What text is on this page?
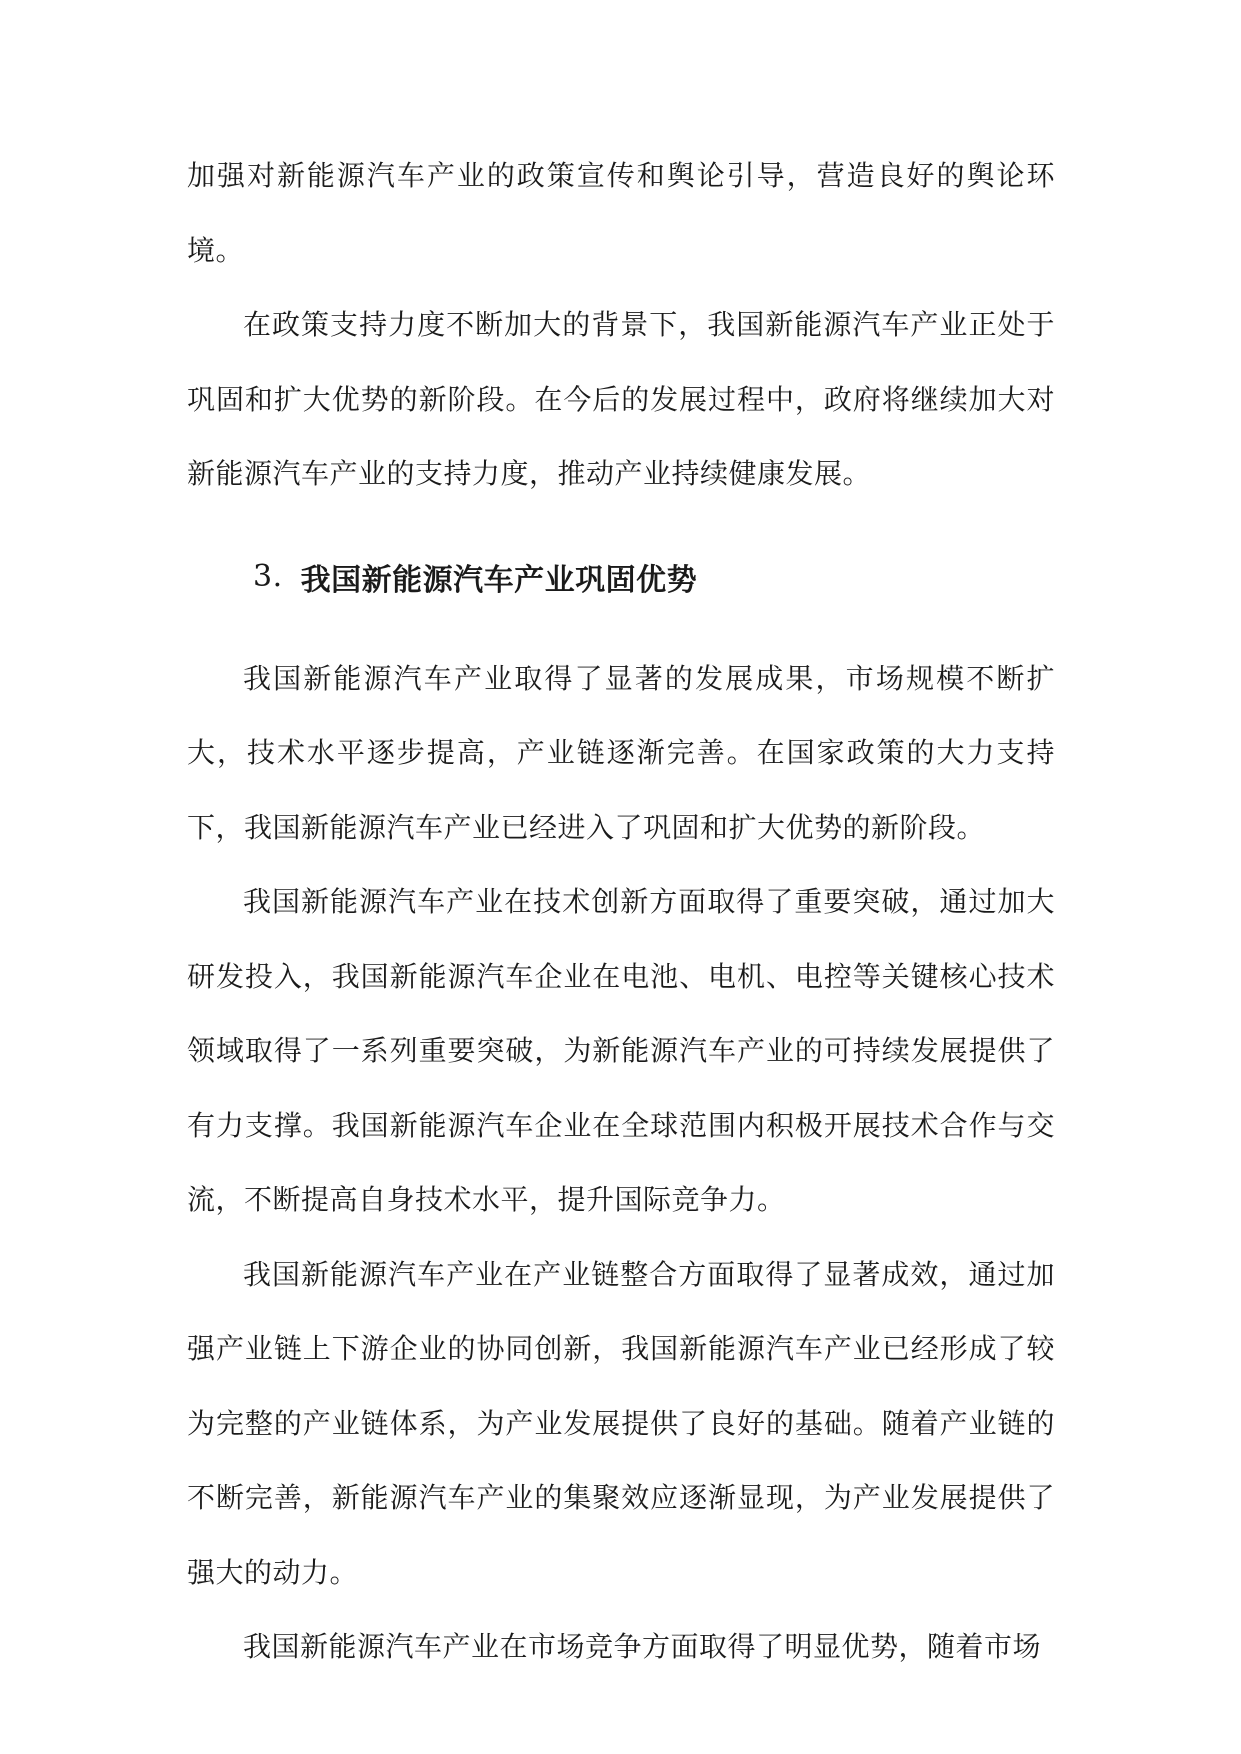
加强对新能源汽车产业的政策宣传和舆论引导，营造良好的舆论环境。

在政策支持力度不断加大的背景下，我国新能源汽车产业正处于巩固和扩大优势的新阶段。在今后的发展过程中，政府将继续加大对新能源汽车产业的支持力度，推动产业持续健康发展。

3. 我国新能源汽车产业巩固优势

我国新能源汽车产业取得了显著的发展成果，市场规模不断扩大，技术水平逐步提高，产业链逐渐完善。在国家政策的大力支持下，我国新能源汽车产业已经进入了巩固和扩大优势的新阶段。

我国新能源汽车产业在技术创新方面取得了重要突破，通过加大研发投入，我国新能源汽车企业在电池、电机、电控等关键核心技术领域取得了一系列重要突破，为新能源汽车产业的可持续发展提供了有力支撑。我国新能源汽车企业在全球范围内积极开展技术合作与交流，不断提高自身技术水平，提升国际竞争力。

我国新能源汽车产业在产业链整合方面取得了显著成效，通过加强产业链上下游企业的协同创新，我国新能源汽车产业已经形成了较为完整的产业链体系，为产业发展提供了良好的基础。随着产业链的不断完善，新能源汽车产业的集聚效应逐渐显现，为产业发展提供了强大的动力。

我国新能源汽车产业在市场竞争方面取得了明显优势，随着市场
